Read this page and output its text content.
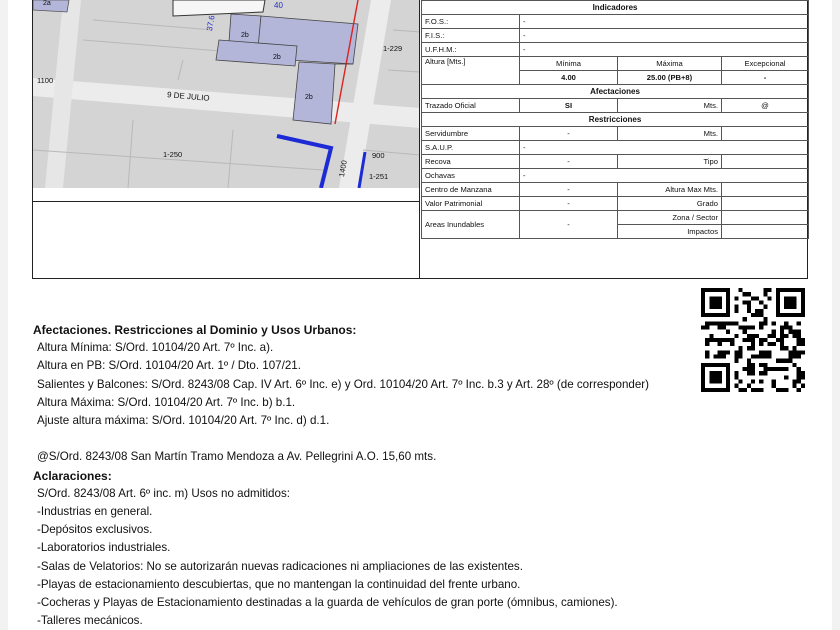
2a	40
37.6
2b
2b
2b
1-229
1100
9 DE JULIO
1-250
1400
900
1-251
Indicadores			
F.O.S.:	-		
F.I.S.:	-		
U.F.H.M.:	-		
Altura [Mts.]	Mínima	Máxima	Excepcional
	4.00	25.00 (PB+8)	-
Afectaciones			
Trazado Oficial	SI	Mts.	@
Restricciones			
Servidumbre	-	Mts.	
S.A.U.P.	-		
Recova	-	Tipo	
Ochavas	-		
Centro de Manzana	-	Altura Max Mts.	
Valor Patrimonial	-	Grado	
Areas Inundables	-	Zona / Sector	
		Impactos	
Afectaciones. Restricciones al Dominio y Usos Urbanos:
Altura Mínima: S/Ord. 10104/20 Art. 7º Inc. a).
Altura en PB: S/Ord. 10104/20 Art. 1º / Dto. 107/21.
Salientes y Balcones: S/Ord. 8243/08 Cap. IV Art. 6º Inc. e) y Ord. 10104/20 Art. 7º Inc. b.3 y Art. 28º (de corresponder)
Altura Máxima: S/Ord. 10104/20 Art. 7º Inc. b) b.1.
Ajuste altura máxima: S/Ord. 10104/20 Art. 7º Inc. d) d.1.
@S/Ord. 8243/08 San Martín Tramo Mendoza a Av. Pellegrini A.O. 15,60 mts.
Aclaraciones:
S/Ord. 8243/08 Art. 6º inc. m) Usos no admitidos:
-Industrias en general.
-Depósitos exclusivos.
-Laboratorios industriales.
-Salas de Velatorios: No se autorizarán nuevas radicaciones ni ampliaciones de las existentes.
-Playas de estacionamiento descubiertas, que no mantengan la continuidad del frente urbano.
-Cocheras y Playas de Estacionamiento destinadas a la guarda de vehículos de gran porte (ómnibus, camiones).
-Talleres mecánicos.
